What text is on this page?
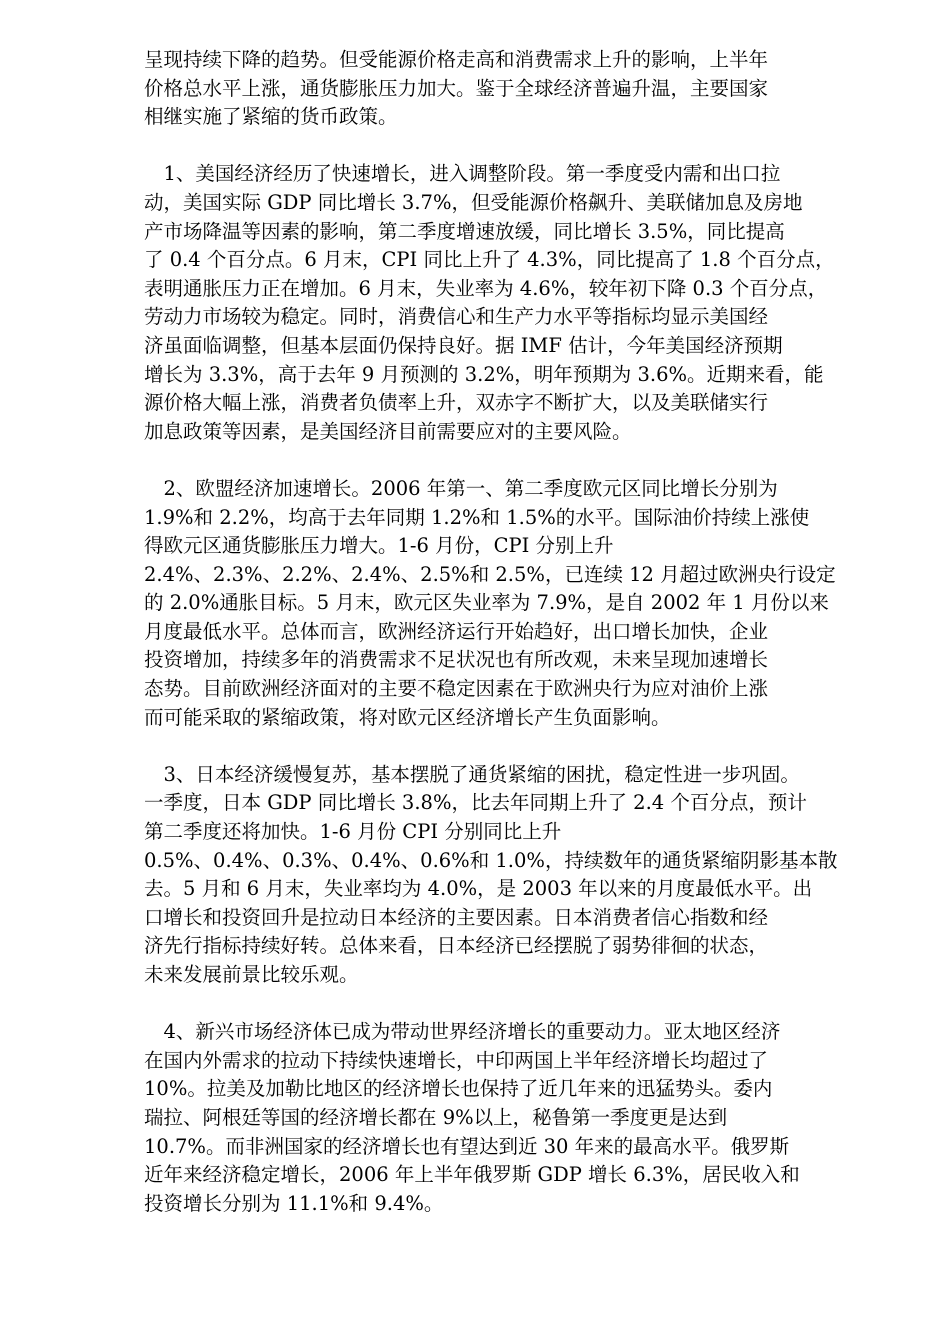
呈现持续下降的趋势。但受能源价格走高和消费需求上升的影响，上半年
价格总水平上涨，通货膨胀压力加大。鉴于全球经济普遍升温，主要国家
相继实施了紧缩的货币政策。
　1、美国经济经历了快速增长，进入调整阶段。第一季度受内需和出口拉
动，美国实际 GDP 同比增长 3.7%，但受能源价格飙升、美联储加息及房地
产市场降温等因素的影响，第二季度增速放缓，同比增长 3.5%，同比提高
了 0.4 个百分点。6 月末，CPI 同比上升了 4.3%，同比提高了 1.8 个百分点，
表明通胀压力正在增加。6 月末，失业率为 4.6%，较年初下降 0.3 个百分点，
劳动力市场较为稳定。同时，消费信心和生产力水平等指标均显示美国经
济虽面临调整，但基本层面仍保持良好。据 IMF 估计，今年美国经济预期
增长为 3.3%，高于去年 9 月预测的 3.2%，明年预期为 3.6%。近期来看，能
源价格大幅上涨，消费者负债率上升，双赤字不断扩大，以及美联储实行
加息政策等因素，是美国经济目前需要应对的主要风险。
　2、欧盟经济加速增长。2006 年第一、第二季度欧元区同比增长分别为
1.9%和 2.2%，均高于去年同期 1.2%和 1.5%的水平。国际油价持续上涨使
得欧元区通货膨胀压力增大。1-6 月份，CPI 分别上升
2.4%、2.3%、2.2%、2.4%、2.5%和 2.5%，已连续 12 月超过欧洲央行设定
的 2.0%通胀目标。5 月末，欧元区失业率为 7.9%，是自 2002 年 1 月份以来
月度最低水平。总体而言，欧洲经济运行开始趋好，出口增长加快，企业
投资增加，持续多年的消费需求不足状况也有所改观，未来呈现加速增长
态势。目前欧洲经济面对的主要不稳定因素在于欧洲央行为应对油价上涨
而可能采取的紧缩政策，将对欧元区经济增长产生负面影响。
　3、日本经济缓慢复苏，基本摆脱了通货紧缩的困扰，稳定性进一步巩固。
一季度，日本 GDP 同比增长 3.8%，比去年同期上升了 2.4 个百分点，预计
第二季度还将加快。1-6 月份 CPI 分别同比上升
0.5%、0.4%、0.3%、0.4%、0.6%和 1.0%，持续数年的通货紧缩阴影基本散
去。5 月和 6 月末，失业率均为 4.0%，是 2003 年以来的月度最低水平。出
口增长和投资回升是拉动日本经济的主要因素。日本消费者信心指数和经
济先行指标持续好转。总体来看，日本经济已经摆脱了弱势徘徊的状态，
未来发展前景比较乐观。
　4、新兴市场经济体已成为带动世界经济增长的重要动力。亚太地区经济
在国内外需求的拉动下持续快速增长，中印两国上半年经济增长均超过了
10%。拉美及加勒比地区的经济增长也保持了近几年来的迅猛势头。委内
瑞拉、阿根廷等国的经济增长都在 9%以上，秘鲁第一季度更是达到
10.7%。而非洲国家的经济增长也有望达到近 30 年来的最高水平。俄罗斯
近年来经济稳定增长，2006 年上半年俄罗斯 GDP 增长 6.3%，居民收入和
投资增长分别为 11.1%和 9.4%。
